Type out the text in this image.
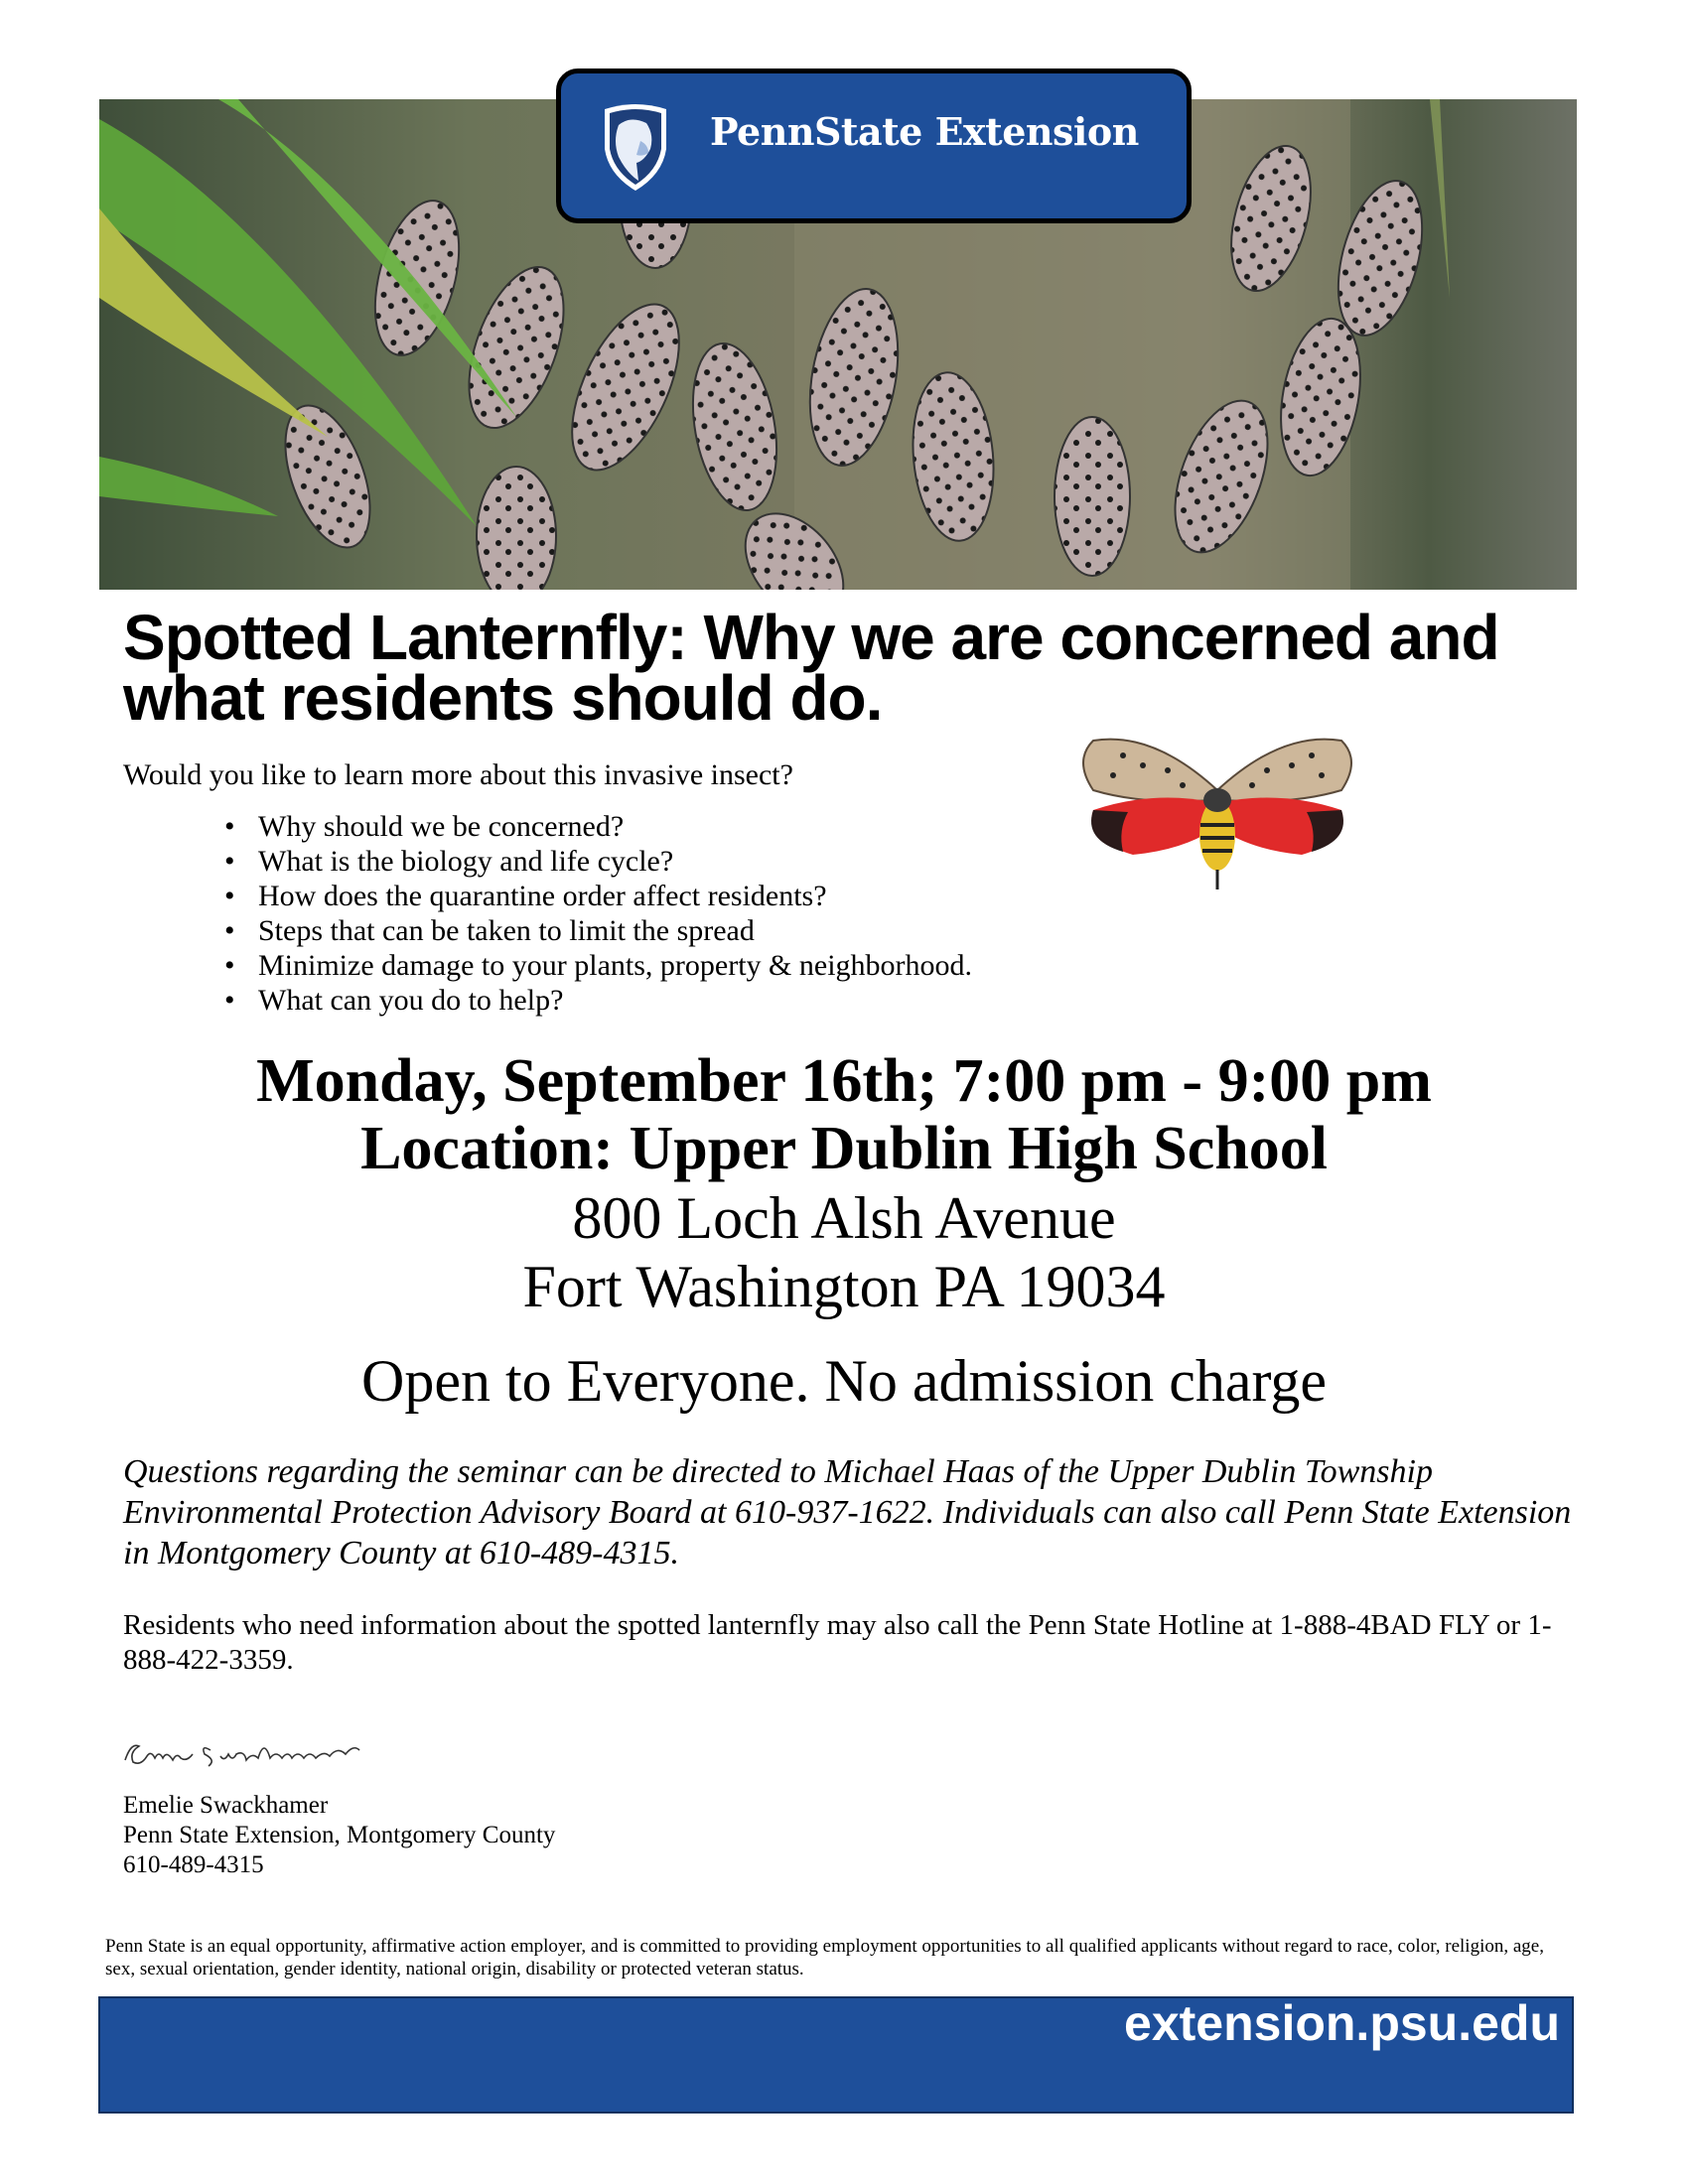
PennState Extension
Spotted Lanternfly: Why we are concerned and what residents should do.
Would you like to learn more about this invasive insect?
• Why should we be concerned?
• What is the biology and life cycle?
• How does the quarantine order affect residents?
• Steps that can be taken to limit the spread
• Minimize damage to your plants, property & neighborhood.
• What can you do to help?
Monday, September 16th; 7:00 pm - 9:00 pm
Location: Upper Dublin High School
800 Loch Alsh Avenue
Fort Washington PA 19034
Open to Everyone. No admission charge
Questions regarding the seminar can be directed to Michael Haas of the Upper Dublin Township Environmental Protection Advisory Board at 610-937-1622. Individuals can also call Penn State Extension in Montgomery County at 610-489-4315.
Residents who need information about the spotted lanternfly may also call the Penn State Hotline at 1-888-4BAD FLY or 1-888-422-3359.
Emelie Swackhamer
Penn State Extension, Montgomery County
610-489-4315
Penn State is an equal opportunity, affirmative action employer, and is committed to providing employment opportunities to all qualified applicants without regard to race, color, religion, age, sex, sexual orientation, gender identity, national origin, disability or protected veteran status.
extension.psu.edu
